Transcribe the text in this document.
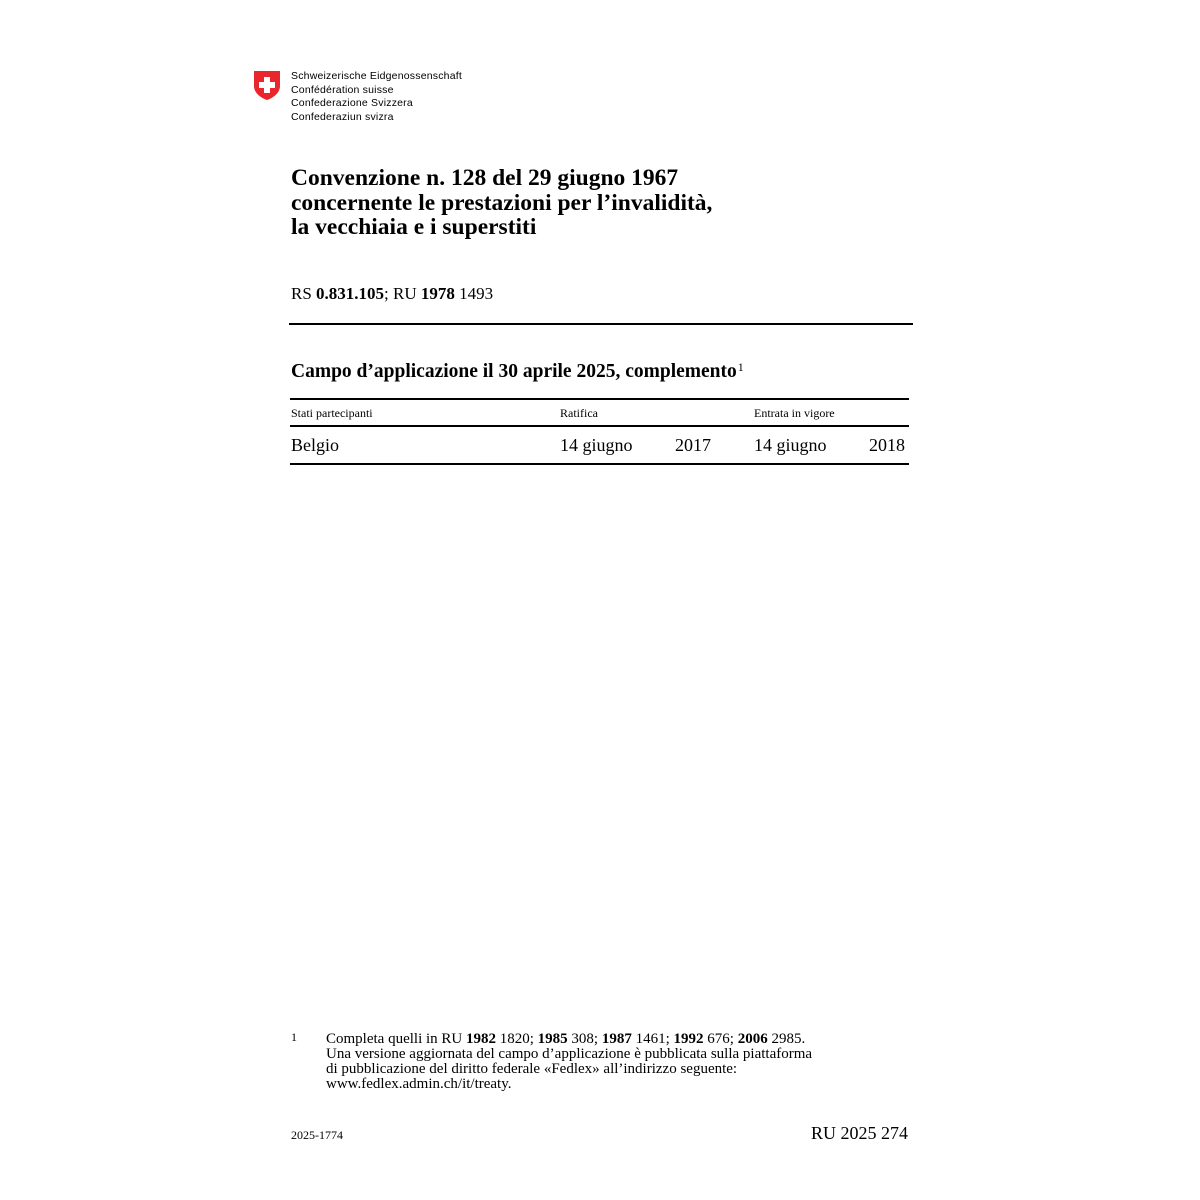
Schweizerische Eidgenossenschaft
Confédération suisse
Confederazione Svizzera
Confederaziun svizra
Convenzione n. 128 del 29 giugno 1967
concernente le prestazioni per l’invalidità,
la vecchiaia e i superstiti
RS 0.831.105; RU 1978 1493
Campo d’applicazione il 30 aprile 2025, complemento$^1$
Stati partecipanti	Ratifica	Entrata in vigore
Belgio	14 giugno 2017 14 giugno 2018
1 Completa quelli in RU 1982 1820; 1985 308; 1987 1461; 1992 676; 2006 2985.
Una versione aggiornata del campo d’applicazione è pubblicata sulla piattaforma
di pubblicazione del diritto federale «Fedlex» all’indirizzo seguente:
www.fedlex.admin.ch/it/treaty.
2025-1774	RU 2025 274
